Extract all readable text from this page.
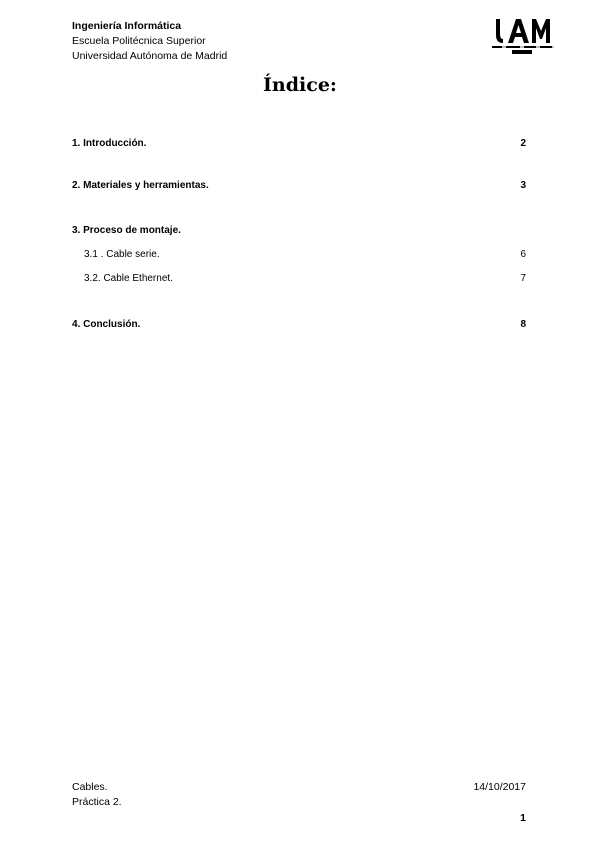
Ingeniería Informática
Escuela Politécnica Superior
Universidad Autónoma de Madrid
Índice:
1. Introducción.	2
2. Materiales y herramientas.	3
3. Proceso de montaje.
3.1 . Cable serie.	6
3.2. Cable Ethernet.	7
4. Conclusión.	8
Cables.
Práctica 2.
14/10/2017
1
